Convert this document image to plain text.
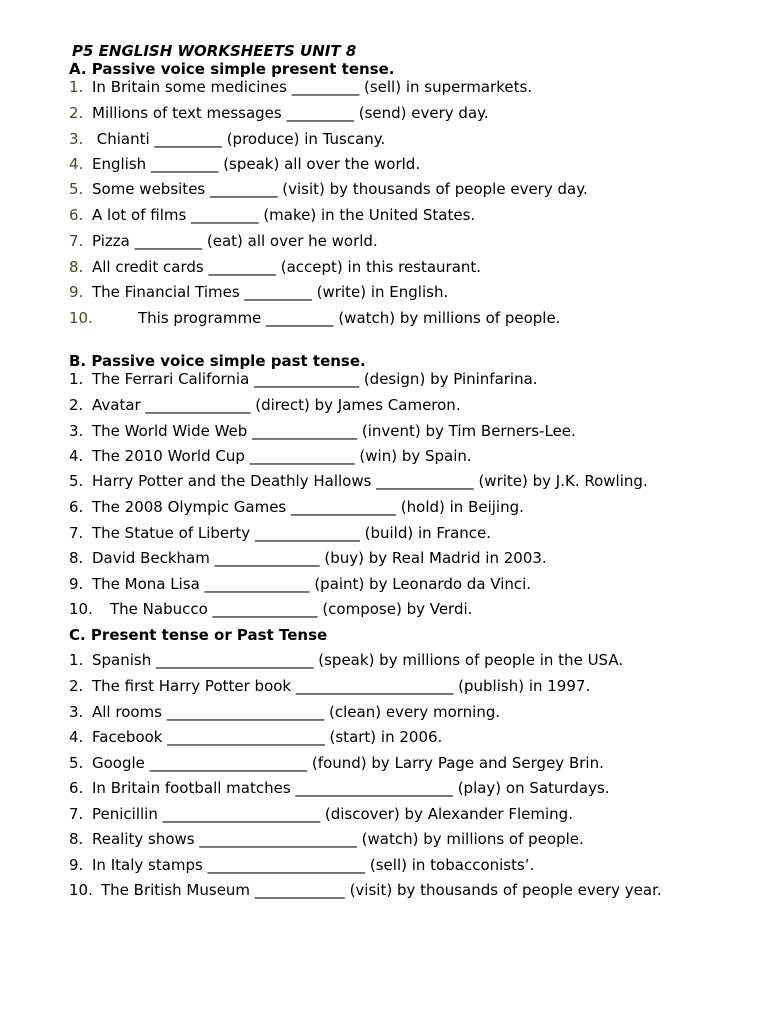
P5 ENGLISH WORKSHEETS UNIT 8
A. Passive voice simple present tense.
1. In Britain some medicines _________ (sell) in supermarkets.
2. Millions of text messages _________ (send) every day.
3. Chianti _________ (produce) in Tuscany.
4. English _________ (speak) all over the world.
5. Some websites _________ (visit) by thousands of people every day.
6. A lot of films _________ (make) in the United States.
7. Pizza _________ (eat) all over he world.
8. All credit cards _________ (accept) in this restaurant.
9. The Financial Times _________ (write) in English.
10.	This programme _________ (watch) by millions of people.
B. Passive voice simple past tense.
1. The Ferrari California ______________ (design) by Pininfarina.
2. Avatar ______________ (direct) by James Cameron.
3. The World Wide Web ______________ (invent) by Tim Berners-Lee.
4. The 2010 World Cup ______________ (win) by Spain.
5. Harry Potter and the Deathly Hallows _____________ (write) by J.K. Rowling.
6. The 2008 Olympic Games ______________ (hold) in Beijing.
7. The Statue of Liberty ______________ (build) in France.
8. David Beckham ______________ (buy) by Real Madrid in 2003.
9. The Mona Lisa ______________ (paint) by Leonardo da Vinci.
10. The Nabucco ______________ (compose) by Verdi.
C. Present tense or Past Tense
1. Spanish _____________________ (speak) by millions of people in the USA.
2. The first Harry Potter book _____________________ (publish) in 1997.
3. All rooms _____________________ (clean) every morning.
4. Facebook _____________________ (start) in 2006.
5. Google _____________________ (found) by Larry Page and Sergey Brin.
6. In Britain football matches _____________________ (play) on Saturdays.
7. Penicillin _____________________ (discover) by Alexander Fleming.
8. Reality shows _____________________ (watch) by millions of people.
9. In Italy stamps _____________________ (sell) in tobacconists’.
10. The British Museum ____________ (visit) by thousands of people every year.
